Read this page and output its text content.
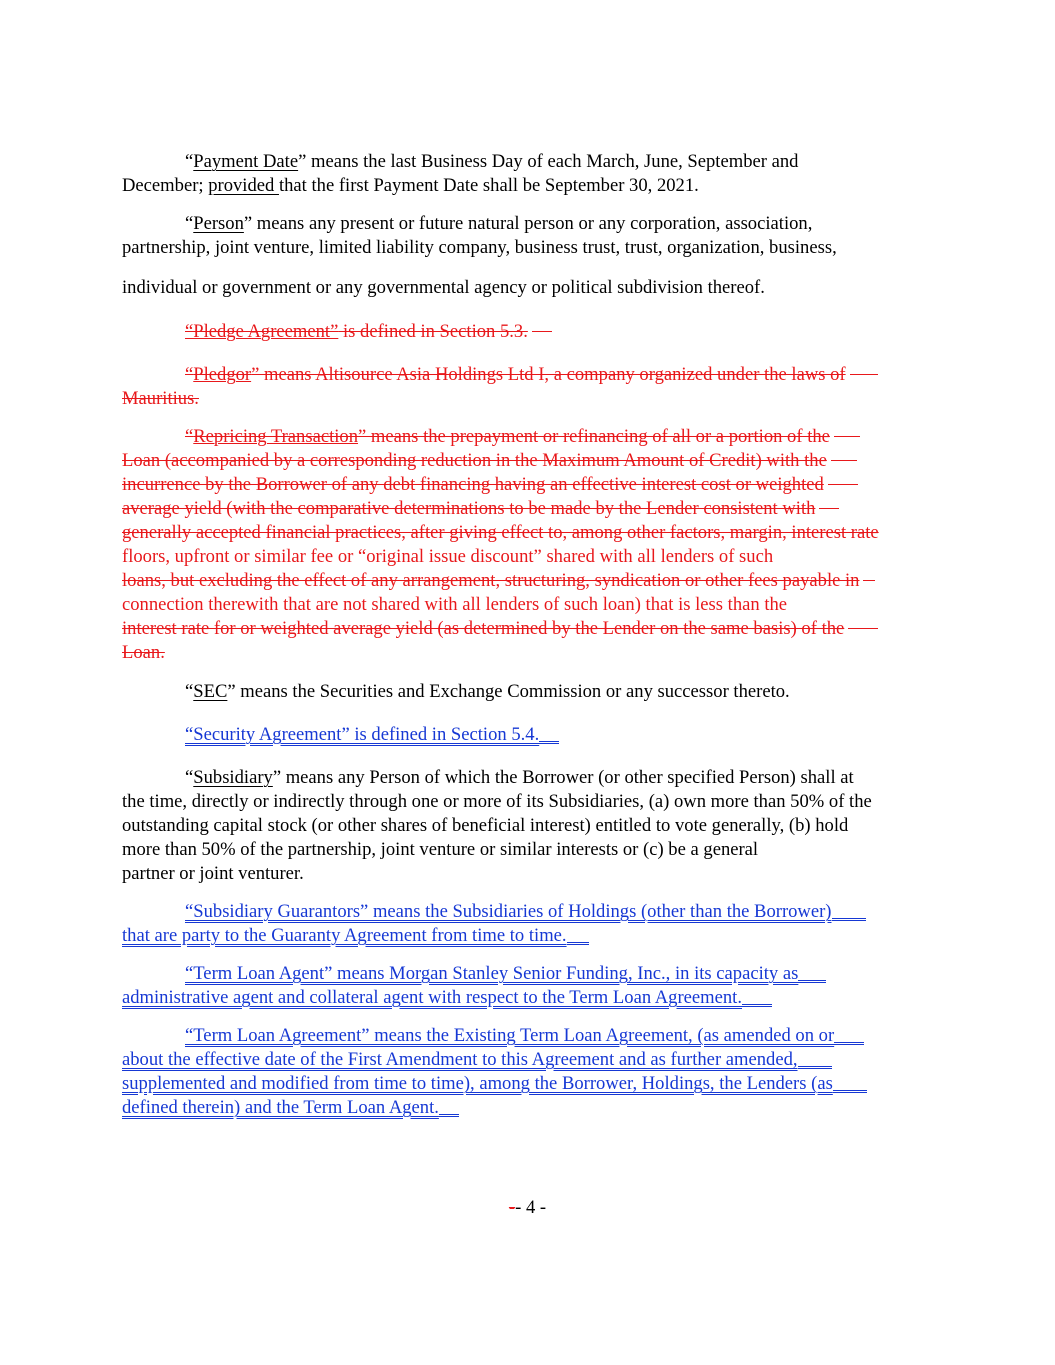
“Payment Date” means the last Business Day of each March, June, September and

December; provided that the first Payment Date shall be September 30, 2021.

“Person” means any present or future natural person or any corporation, association,

partnership, joint venture, limited liability company, business trust, trust, organization, business,

individual or government or any governmental agency or political subdivision thereof.

“Pledge Agreement” is defined in Section 5.3.

“Pledgor” means Altisource Asia Holdings Ltd I, a company organized under the laws of

Mauritius.

“Repricing Transaction” means the prepayment or refinancing of all or a portion of the

Loan (accompanied by a corresponding reduction in the Maximum Amount of Credit) with the

incurrence by the Borrower of any debt financing having an effective interest cost or weighted

average yield (with the comparative determinations to be made by the Lender consistent with

generally accepted financial practices, after giving effect to, among other factors, margin, interest rate

floors, upfront or similar fee or “original issue discount” shared with all lenders of such

loans, but excluding the effect of any arrangement, structuring, syndication or other fees payable in

connection therewith that are not shared with all lenders of such loan) that is less than the

interest rate for or weighted average yield (as determined by the Lender on the same basis) of the

Loan.

“SEC” means the Securities and Exchange Commission or any successor thereto.

“Security Agreement” is defined in Section 5.4.

“Subsidiary” means any Person of which the Borrower (or other specified Person) shall at

the time, directly or indirectly through one or more of its Subsidiaries, (a) own more than 50% of the

outstanding capital stock (or other shares of beneficial interest) entitled to vote generally, (b) hold

more than 50% of the partnership, joint venture or similar interests or (c) be a general

partner or joint venturer.

“Subsidiary Guarantors” means the Subsidiaries of Holdings (other than the Borrower)

that are party to the Guaranty Agreement from time to time.

“Term Loan Agent” means Morgan Stanley Senior Funding, Inc., in its capacity as

administrative agent and collateral agent with respect to the Term Loan Agreement.

“Term Loan Agreement” means the Existing Term Loan Agreement, (as amended on or

about the effective date of the First Amendment to this Agreement and as further amended,

supplemented and modified from time to time), among the Borrower, Holdings, the Lenders (as

defined therein) and the Term Loan Agent.

-- 4 -
